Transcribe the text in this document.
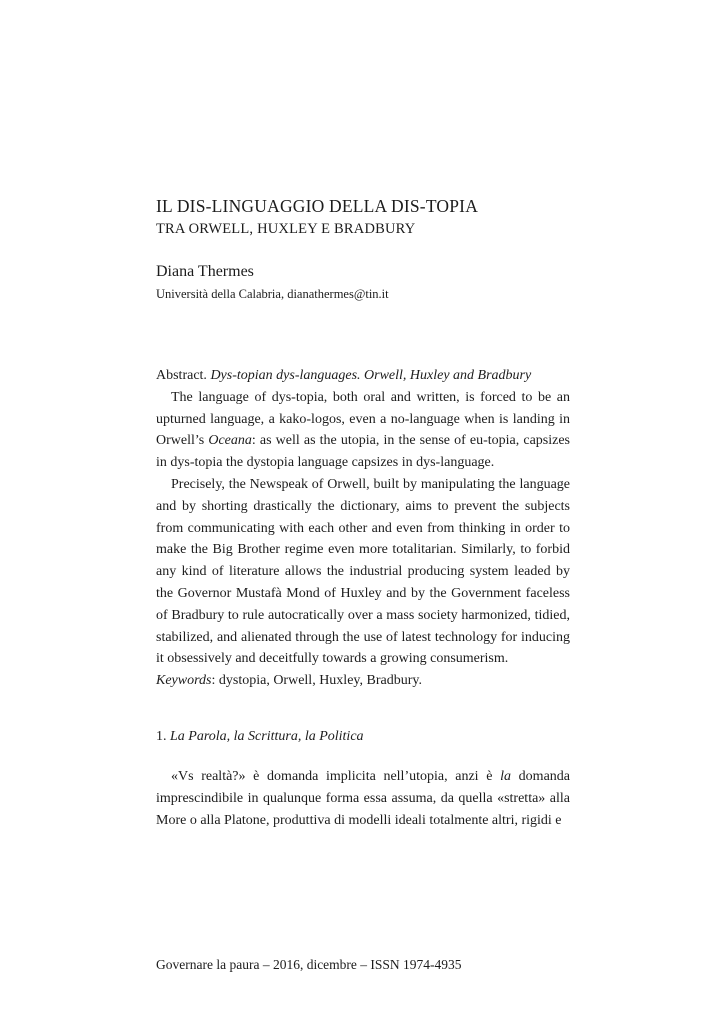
IL DIS-LINGUAGGIO DELLA DIS-TOPIA
TRA ORWELL, HUXLEY E BRADBURY
Diana Thermes
Università della Calabria, dianathermes@tin.it

Abstract. Dys-topian dys-languages. Orwell, Huxley and Bradbury

The language of dys-topia, both oral and written, is forced to be an upturned language, a kako-logos, even a no-language when is landing in Orwell’s Oceana: as well as the utopia, in the sense of eu-topia, capsizes in dys-topia the dystopia language capsizes in dys-language.

Precisely, the Newspeak of Orwell, built by manipulating the language and by shorting drastically the dictionary, aims to prevent the subjects from communicating with each other and even from thinking in order to make the Big Brother regime even more totalitarian. Similarly, to forbid any kind of literature allows the industrial producing system leaded by the Governor Mustafà Mond of Huxley and by the Government faceless of Bradbury to rule autocratically over a mass society harmonized, tidied, stabilized, and alienated through the use of latest technology for inducing it obsessively and deceitfully towards a growing consumerism.

Keywords: dystopia, Orwell, Huxley, Bradbury.

1. La Parola, la Scrittura, la Politica

«Vs realtà?» è domanda implicita nell’utopia, anzi è la domanda imprescindibile in qualunque forma essa assuma, da quella «stretta» alla More o alla Platone, produttiva di modelli ideali totalmente altri, rigidi e

Governare la paura – 2016, dicembre – ISSN 1974-4935
